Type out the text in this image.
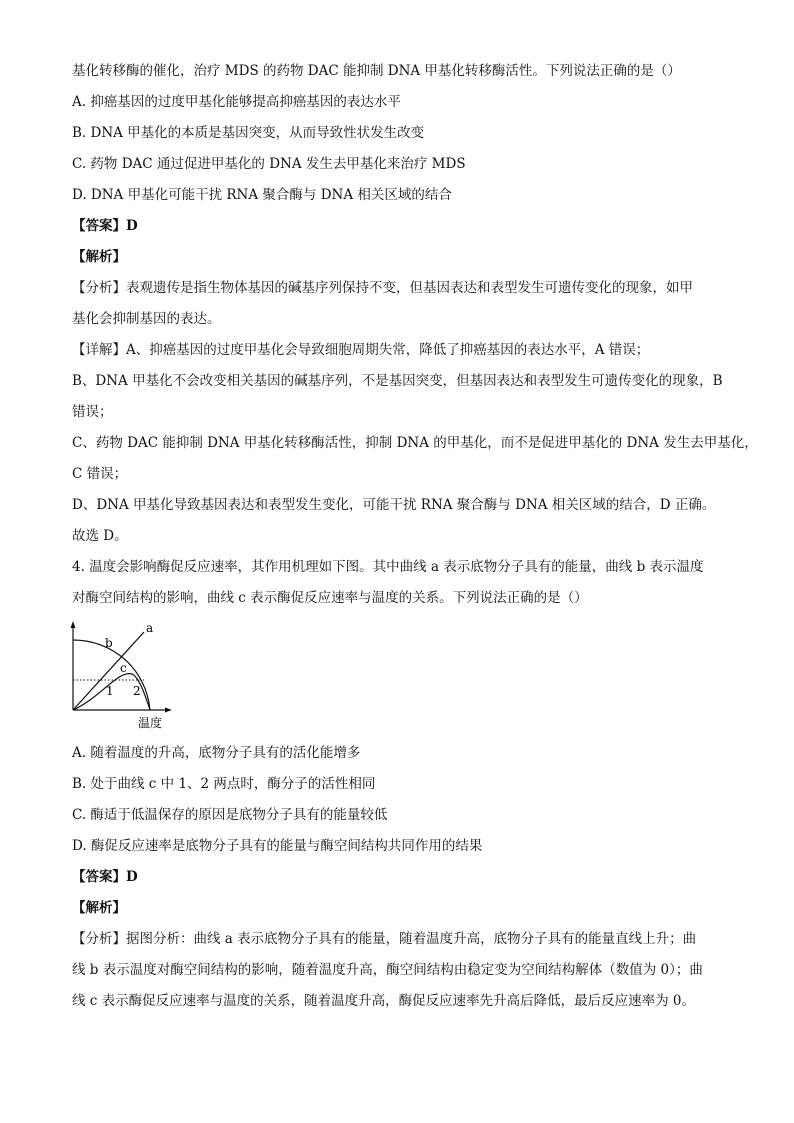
基化转移酶的催化，治疗 MDS 的药物 DAC 能抑制 DNA 甲基化转移酶活性。下列说法正确的是（）
A. 抑癌基因的过度甲基化能够提高抑癌基因的表达水平
B. DNA 甲基化的本质是基因突变，从而导致性状发生改变
C. 药物 DAC 通过促进甲基化的 DNA 发生去甲基化来治疗 MDS
D. DNA 甲基化可能干扰 RNA 聚合酶与 DNA 相关区域的结合
【答案】D
【解析】
【分析】表观遗传是指生物体基因的碱基序列保持不变，但基因表达和表型发生可遗传变化的现象，如甲
基化会抑制基因的表达。
【详解】A、抑癌基因的过度甲基化会导致细胞周期失常，降低了抑癌基因的表达水平，A 错误；
B、DNA 甲基化不会改变相关基因的碱基序列，不是基因突变，但基因表达和表型发生可遗传变化的现象，B
错误；
C、药物 DAC 能抑制 DNA 甲基化转移酶活性，抑制 DNA 的甲基化，而不是促进甲基化的 DNA 发生去甲基化，
C 错误；
D、DNA 甲基化导致基因表达和表型发生变化，可能干扰 RNA 聚合酶与 DNA 相关区域的结合，D 正确。
故选 D。
4. 温度会影响酶促反应速率，其作用机理如下图。其中曲线 a 表示底物分子具有的能量，曲线 b 表示温度
对酶空间结构的影响，曲线 c 表示酶促反应速率与温度的关系。下列说法正确的是（）
a
b
c
1 2
温度
A. 随着温度的升高，底物分子具有的活化能增多
B. 处于曲线 c 中 1、2 两点时，酶分子的活性相同
C. 酶适于低温保存的原因是底物分子具有的能量较低
D. 酶促反应速率是底物分子具有的能量与酶空间结构共同作用的结果
【答案】D
【解析】
【分析】据图分析：曲线 a 表示底物分子具有的能量，随着温度升高，底物分子具有的能量直线上升；曲
线 b 表示温度对酶空间结构的影响，随着温度升高，酶空间结构由稳定变为空间结构解体（数值为 0）；曲
线 c 表示酶促反应速率与温度的关系，随着温度升高，酶促反应速率先升高后降低，最后反应速率为 0。
